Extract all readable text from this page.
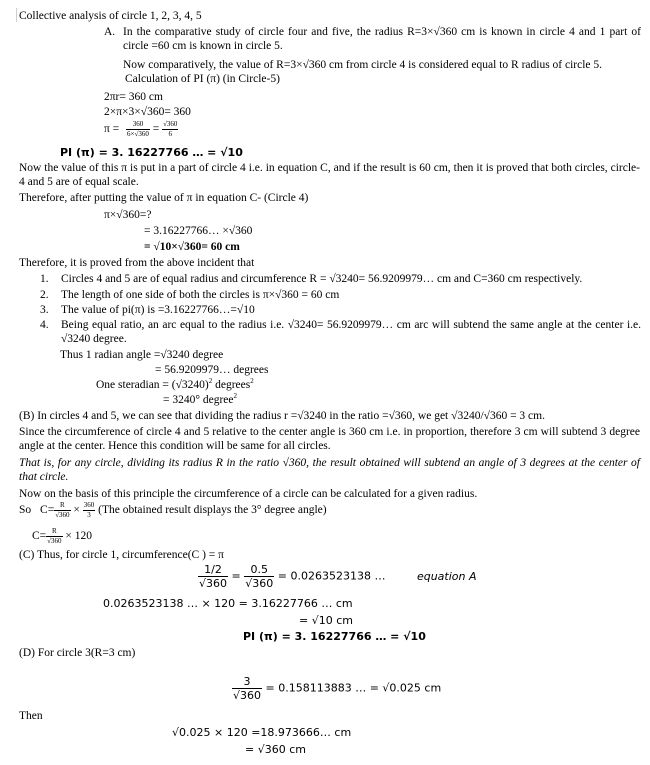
Collective analysis of circle 1, 2, 3, 4, 5
A. In the comparative study of circle four and five, the radius R=3×√360 cm is known in circle 4 and 1 part of circle =60 cm is known in circle 5.
Now comparatively, the value of R=3×√360 cm from circle 4 is considered equal to R radius of circle 5.
Calculation of PI (π) (in Circle-5)
2πr= 360 cm
2×π×3×√360= 360
$\pi = \frac{360}{6\times√360} = \frac{√360}{6}$
PI (π) = 3. 16227766 … = √10
Now the value of this π is put in a part of circle 4 i.e. in equation C, and if the result is 60 cm, then it is proved that both circles, circle-4 and 5 are of equal scale.
Therefore, after putting the value of π in equation C- (Circle 4)
π×√360=?
= 3.16227766… ×√360
= √10×√360= 60 cm
Therefore, it is proved from the above incident that
1. Circles 4 and 5 are of equal radius and circumference R = √3240= 56.9209979… cm and C=360 cm respectively.
2. The length of one side of both the circles is π×√360 = 60 cm
3. The value of pi(π) is =3.16227766…=√10
4. Being equal ratio, an arc equal to the radius i.e. √3240= 56.9209979… cm arc will subtend the same angle at the center i.e. √3240 degree.
Thus 1 radian angle =√3240 degree
= 56.9209979… degrees
One steradian = $(√3240)^2$ degrees$^2$
= 3240° degree$^2$
(B) In circles 4 and 5, we can see that dividing the radius r =√3240 in the ratio =√360, we get √3240/√360 = 3 cm.
Since the circumference of circle 4 and 5 relative to the center angle is 360 cm i.e. in proportion, therefore 3 cm will subtend 3 degree angle at the center. Hence this condition will be same for all circles.
That is, for any circle, dividing its radius R in the ratio √360, the result obtained will subtend an angle of 3 degrees at the center of that circle.
Now on the basis of this principle the circumference of a circle can be calculated for a given radius.
So $C= \frac{R}{√360} \times \frac{360}{3} (The$ obtained result displays the 3° degree angle)
$C= \frac{R}{√360} \times 120$
(C) Thus, for circle 1, circumference(C ) = π
$\frac{1/2}{√360} = \frac{0.5}{√360} = 0.0263523138$ …	equation A
0.0263523138 … × 120 = 3.16227766 … cm
= √10 cm
PI (π) = 3. 16227766 … = √10
(D) For circle 3(R=3 cm)
$\frac{3}{√360} = 0.158113883$ … = √0.025 cm
Then
√0.025 × 120 =18.973666… cm
= √360 cm
